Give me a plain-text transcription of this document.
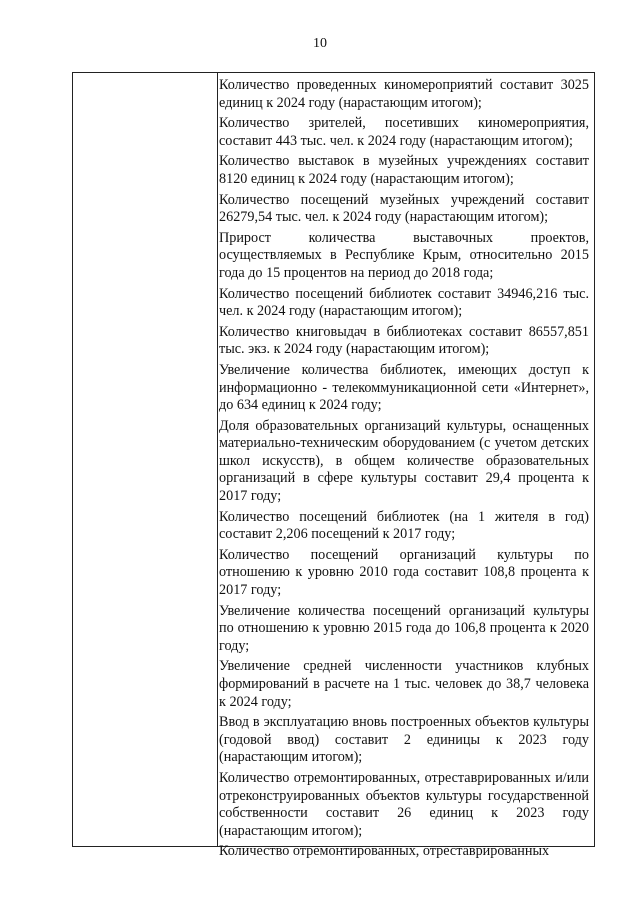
10

Количество проведенных киномероприятий составит 3025 единиц к 2024 году (нарастающим итогом);

Количество зрителей, посетивших киномероприятия, составит 443 тыс. чел. к 2024 году (нарастающим итогом);

Количество выставок в музейных учреждениях составит 8120 единиц к 2024 году (нарастающим итогом);

Количество посещений музейных учреждений составит 26279,54 тыс. чел. к 2024 году (нарастающим итогом);

Прирост количества выставочных проектов, осуществляемых в Республике Крым, относительно 2015 года до 15 процентов на период до 2018 года;

Количество посещений библиотек составит 34946,216 тыс. чел. к 2024 году (нарастающим итогом);

Количество книговыдач в библиотеках составит 86557,851 тыс. экз. к 2024 году (нарастающим итогом);

Увеличение количества библиотек, имеющих доступ к информационно - телекоммуникационной сети «Интернет», до 634 единиц к 2024 году;

Доля образовательных организаций культуры, оснащенных материально-техническим оборудованием (с учетом детских школ искусств), в общем количестве образовательных организаций в сфере культуры составит 29,4 процента к 2017 году;

Количество посещений библиотек (на 1 жителя в год) составит 2,206 посещений к 2017 году;

Количество посещений организаций культуры по отношению к уровню 2010 года составит 108,8 процента к 2017 году;

Увеличение количества посещений организаций культуры по отношению к уровню 2015 года до 106,8 процента к 2020 году;

Увеличение средней численности участников клубных формирований в расчете на 1 тыс. человек до 38,7 человека к 2024 году;

Ввод в эксплуатацию вновь построенных объектов культуры (годовой ввод) составит 2 единицы к 2023 году (нарастающим итогом);

Количество отремонтированных, отреставрированных и/или отреконструированных объектов культуры государственной собственности составит 26 единиц к 2023 году (нарастающим итогом);

Количество отремонтированных, отреставрированных
